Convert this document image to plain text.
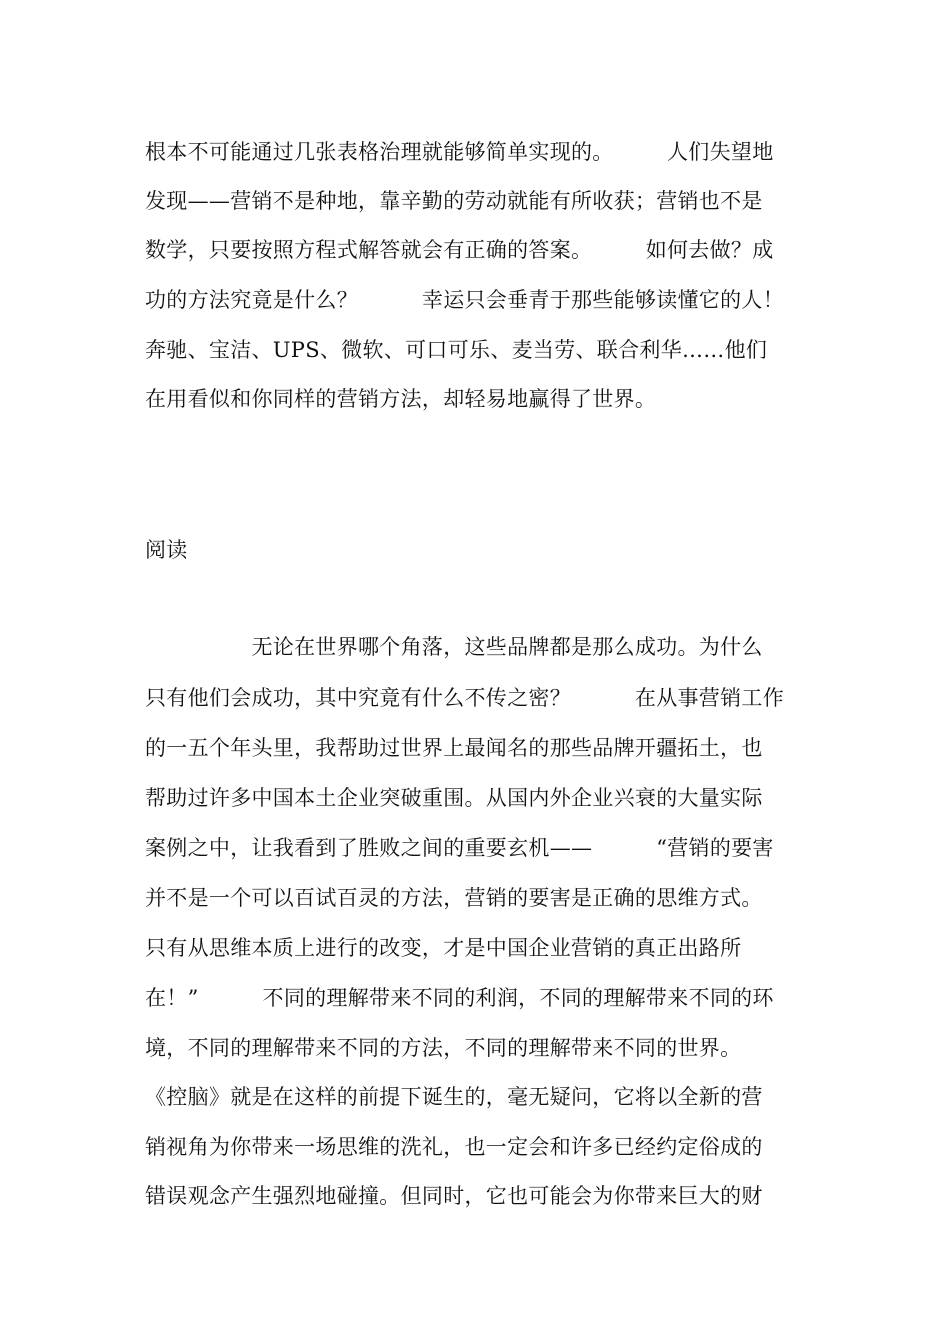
根本不可能通过几张表格治理就能够简单实现的。　　　人们失望地
发现——营销不是种地，靠辛勤的劳动就能有所收获；营销也不是
数学，只要按照方程式解答就会有正确的答案。　　　如何去做？成
功的方法究竟是什么？　　　幸运只会垂青于那些能够读懂它的人！
奔驰、宝洁、UPS、微软、可口可乐、麦当劳、联合利华……他们
在用看似和你同样的营销方法，却轻易地赢得了世界。
阅读
　　　　　无论在世界哪个角落，这些品牌都是那么成功。为什么
只有他们会成功，其中究竟有什么不传之密？　　　在从事营销工作
的一五个年头里，我帮助过世界上最闻名的那些品牌开疆拓土，也
帮助过许多中国本土企业突破重围。从国内外企业兴衰的大量实际
案例之中，让我看到了胜败之间的重要玄机——　　　“营销的要害
并不是一个可以百试百灵的方法，营销的要害是正确的思维方式。
只有从思维本质上进行的改变，才是中国企业营销的真正出路所
在！”　　　不同的理解带来不同的利润，不同的理解带来不同的环
境，不同的理解带来不同的方法，不同的理解带来不同的世界。
《控脑》就是在这样的前提下诞生的，毫无疑问，它将以全新的营
销视角为你带来一场思维的洗礼，也一定会和许多已经约定俗成的
错误观念产生强烈地碰撞。但同时，它也可能会为你带来巨大的财
